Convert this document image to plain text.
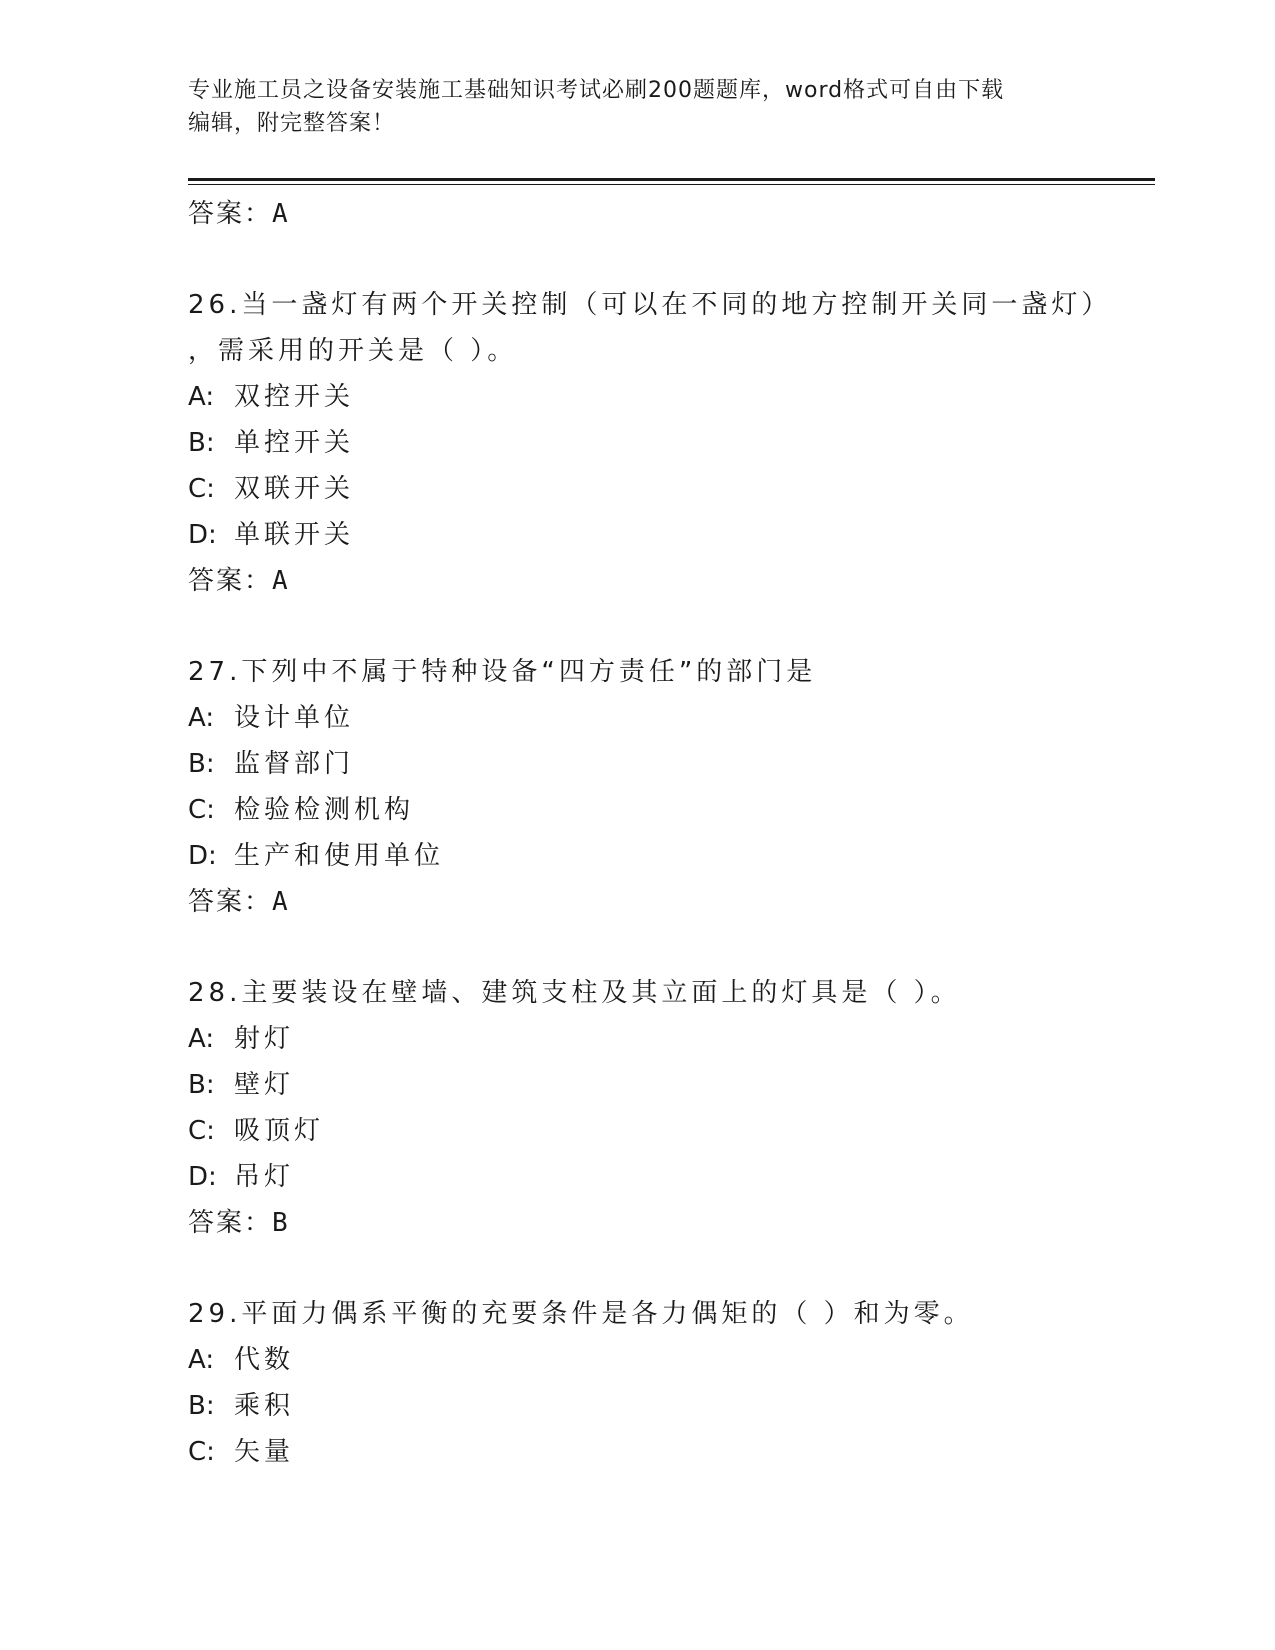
专业施工员之设备安装施工基础知识考试必刷200题题库，word格式可自由下载
编辑，附完整答案！
答案：A
26.当一盏灯有两个开关控制（可以在不同的地方控制开关同一盏灯）
，需采用的开关是（ ）。
A: 双控开关
B: 单控开关
C: 双联开关
D: 单联开关
答案：A
27.下列中不属于特种设备“四方责任”的部门是
A: 设计单位
B: 监督部门
C: 检验检测机构
D: 生产和使用单位
答案：A
28.主要装设在壁墙、建筑支柱及其立面上的灯具是（ ）。
A: 射灯
B: 壁灯
C: 吸顶灯
D: 吊灯
答案：B
29.平面力偶系平衡的充要条件是各力偶矩的（ ）和为零。
A: 代数
B: 乘积
C: 矢量
